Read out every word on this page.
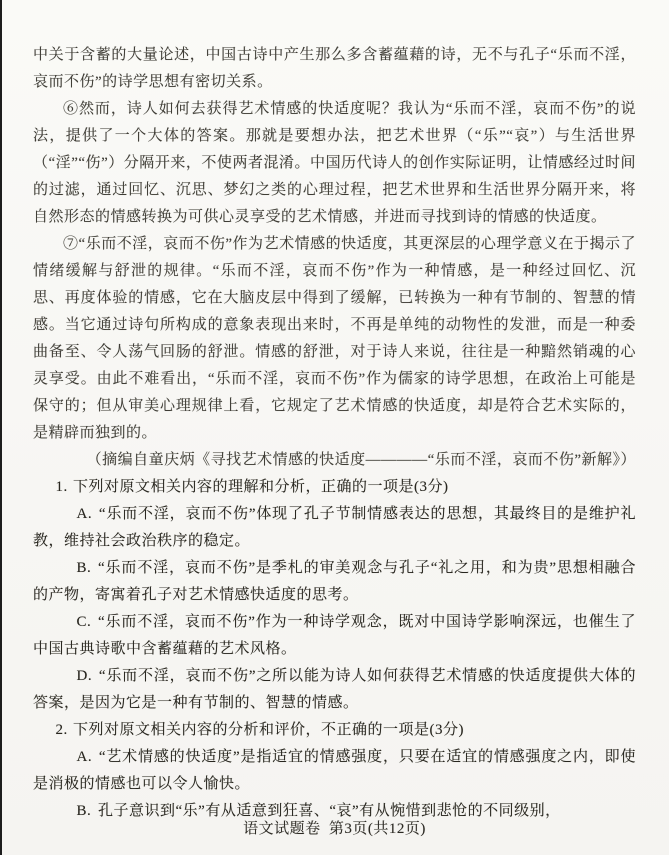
中关于含蓄的大量论述，中国古诗中产生那么多含蓄蕴藉的诗，无不与孔子“乐而不淫，哀而不伤”的诗学思想有密切关系。

⑥然而，诗人如何去获得艺术情感的快适度呢？我认为“乐而不淫，哀而不伤”的说法，提供了一个大体的答案。那就是要想办法，把艺术世界（“乐”“哀”）与生活世界（“淫”“伤”）分隔开来，不使两者混淆。中国历代诗人的创作实际证明，让情感经过时间的过滤，通过回忆、沉思、梦幻之类的心理过程，把艺术世界和生活世界分隔开来，将自然形态的情感转换为可供心灵享受的艺术情感，并进而寻找到诗的情感的快适度。

⑦“乐而不淫，哀而不伤”作为艺术情感的快适度，其更深层的心理学意义在于揭示了情绪缓解与舒泄的规律。“乐而不淫，哀而不伤”作为一种情感，是一种经过回忆、沉思、再度体验的情感，它在大脑皮层中得到了缓解，已转换为一种有节制的、智慧的情感。当它通过诗句所构成的意象表现出来时，不再是单纯的动物性的发泄，而是一种委曲备至、令人荡气回肠的舒泄。情感的舒泄，对于诗人来说，往往是一种黯然销魂的心灵享受。由此不难看出，“乐而不淫，哀而不伤”作为儒家的诗学思想，在政治上可能是保守的；但从审美心理规律上看，它规定了艺术情感的快适度，却是符合艺术实际的，是精辟而独到的。

（摘编自童庆炳《寻找艺术情感的快适度————“乐而不淫，哀而不伤”新解》）

1. 下列对原文相关内容的理解和分析，正确的一项是(3分)

A. “乐而不淫，哀而不伤”体现了孔子节制情感表达的思想，其最终目的是维护礼教，维持社会政治秩序的稳定。

B. “乐而不淫，哀而不伤”是季札的审美观念与孔子“礼之用，和为贵”思想相融合的产物，寄寓着孔子对艺术情感快适度的思考。

C. “乐而不淫，哀而不伤”作为一种诗学观念，既对中国诗学影响深远，也催生了中国古典诗歌中含蓄蕴藉的艺术风格。

D. “乐而不淫，哀而不伤”之所以能为诗人如何获得艺术情感的快适度提供大体的答案，是因为它是一种有节制的、智慧的情感。

2. 下列对原文相关内容的分析和评价，不正确的一项是(3分)

A. “艺术情感的快适度”是指适宜的情感强度，只要在适宜的情感强度之内，即使是消极的情感也可以令人愉快。

B. 孔子意识到“乐”有从适意到狂喜、“哀”有从惋惜到悲怆的不同级别，

语文试题卷 第3页(共12页)
